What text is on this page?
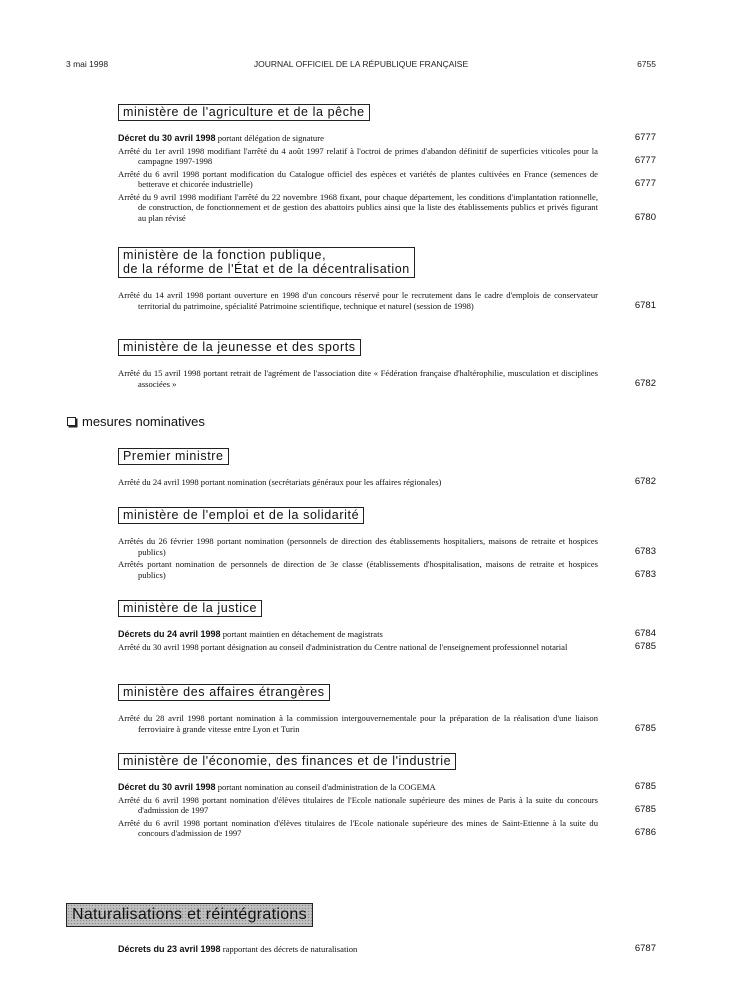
3 mai 1998	JOURNAL OFFICIEL DE LA RÉPUBLIQUE FRANÇAISE	6755
ministère de l'agriculture et de la pêche
Décret du 30 avril 1998 portant délégation de signature	6777
Arrêté du 1er avril 1998 modifiant l'arrêté du 4 août 1997 relatif à l'octroi de primes d'abandon définitif de superficies viticoles pour la campagne 1997-1998	6777
Arrêté du 6 avril 1998 portant modification du Catalogue officiel des espèces et variétés de plantes cultivées en France (semences de betterave et chicorée industrielle)	6777
Arrêté du 9 avril 1998 modifiant l'arrêté du 22 novembre 1968 fixant, pour chaque département, les conditions d'implantation rationnelle, de construction, de fonctionnement et de gestion des abattoirs publics ainsi que la liste des établissements publics et privés figurant au plan révisé	6780
ministère de la fonction publique,
de la réforme de l'État et de la décentralisation
Arrêté du 14 avril 1998 portant ouverture en 1998 d'un concours réservé pour le recrutement dans le cadre d'emplois de conservateur territorial du patrimoine, spécialité Patrimoine scientifique, technique et naturel (session de 1998)	6781
ministère de la jeunesse et des sports
Arrêté du 15 avril 1998 portant retrait de l'agrément de l'association dite « Fédération française d'haltérophilie, musculation et disciplines associées »	6782
mesures nominatives
Premier ministre
Arrêté du 24 avril 1998 portant nomination (secrétariats généraux pour les affaires régionales)	6782
ministère de l'emploi et de la solidarité
Arrêtés du 26 février 1998 portant nomination (personnels de direction des établissements hospitaliers, maisons de retraite et hospices publics)	6783
Arrêtés portant nomination de personnels de direction de 3e classe (établissements d'hospitalisation, maisons de retraite et hospices publics)	6783
ministère de la justice
Décrets du 24 avril 1998 portant maintien en détachement de magistrats	6784
Arrêté du 30 avril 1998 portant désignation au conseil d'administration du Centre national de l'enseignement professionnel notarial	6785
ministère des affaires étrangères
Arrêté du 28 avril 1998 portant nomination à la commission intergouvernementale pour la préparation de la réalisation d'une liaison ferroviaire à grande vitesse entre Lyon et Turin	6785
ministère de l'économie, des finances et de l'industrie
Décret du 30 avril 1998 portant nomination au conseil d'administration de la COGEMA	6785
Arrêté du 6 avril 1998 portant nomination d'élèves titulaires de l'Ecole nationale supérieure des mines de Paris à la suite du concours d'admission de 1997	6785
Arrêté du 6 avril 1998 portant nomination d'élèves titulaires de l'Ecole nationale supérieure des mines de Saint-Etienne à la suite du concours d'admission de 1997	6786
Naturalisations et réintégrations
Décrets du 23 avril 1998 rapportant des décrets de naturalisation	6787
